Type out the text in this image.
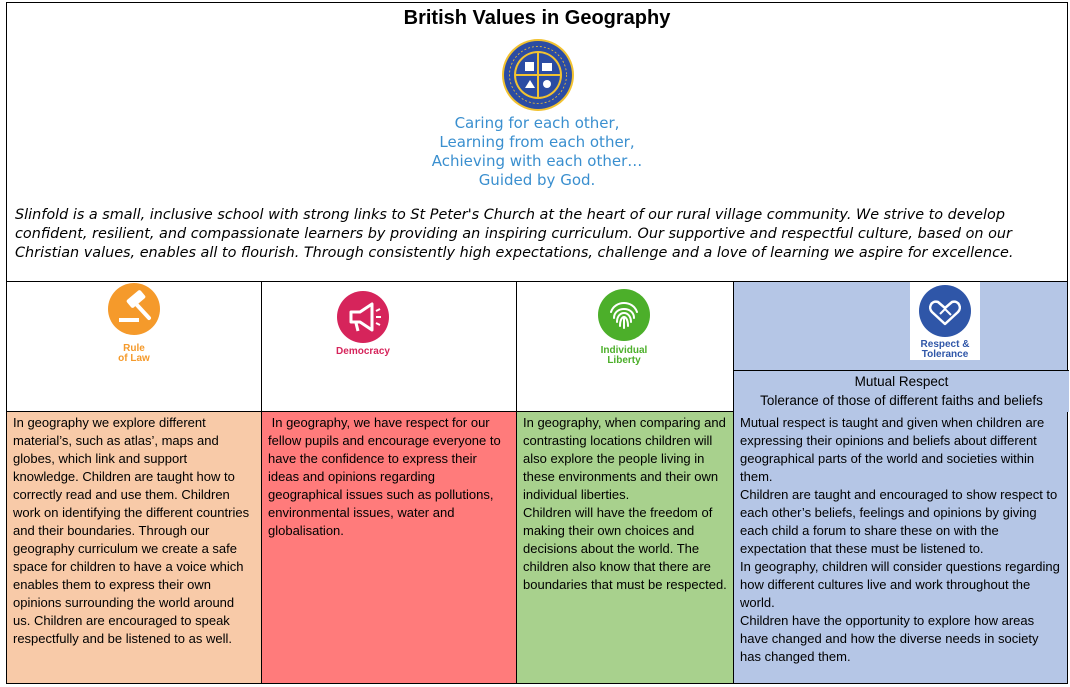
British Values in Geography
Caring for each other,
Learning from each other,
Achieving with each other…
Guided by God.
Slinfold is a small, inclusive school with strong links to St Peter's Church at the heart of our rural village community. We strive to develop confident, resilient, and compassionate learners by providing an inspiring curriculum. Our supportive and respectful culture, based on our Christian values, enables all to flourish. Through consistently high expectations, challenge and a love of learning we aspire for excellence.
Rule
of Law
Democracy	Individual
Liberty
Respect &
Tolerance
Mutual Respect
Tolerance of those of different faiths and beliefs
In geography we explore different material’s, such as atlas’, maps and globes, which link and support knowledge. Children are taught how to correctly read and use them. Children work on identifying the different countries and their boundaries. Through our geography curriculum we create a safe space for children to have a voice which enables them to express their own opinions surrounding the world around us. Children are encouraged to speak respectfully and be listened to as well.
In geography, we have respect for our fellow pupils and encourage everyone to have the confidence to express their ideas and opinions regarding geographical issues such as pollutions, environmental issues, water and globalisation.
In geography, when comparing and contrasting locations children will also explore the people living in these environments and their own individual liberties.
Children will have the freedom of making their own choices and decisions about the world. The children also know that there are boundaries that must be respected.
Mutual respect is taught and given when children are expressing their opinions and beliefs about different geographical parts of the world and societies within them.
Children are taught and encouraged to show respect to each other’s beliefs, feelings and opinions by giving each child a forum to share these on with the expectation that these must be listened to.
In geography, children will consider questions regarding how different cultures live and work throughout the world.
Children have the opportunity to explore how areas have changed and how the diverse needs in society has changed them.
